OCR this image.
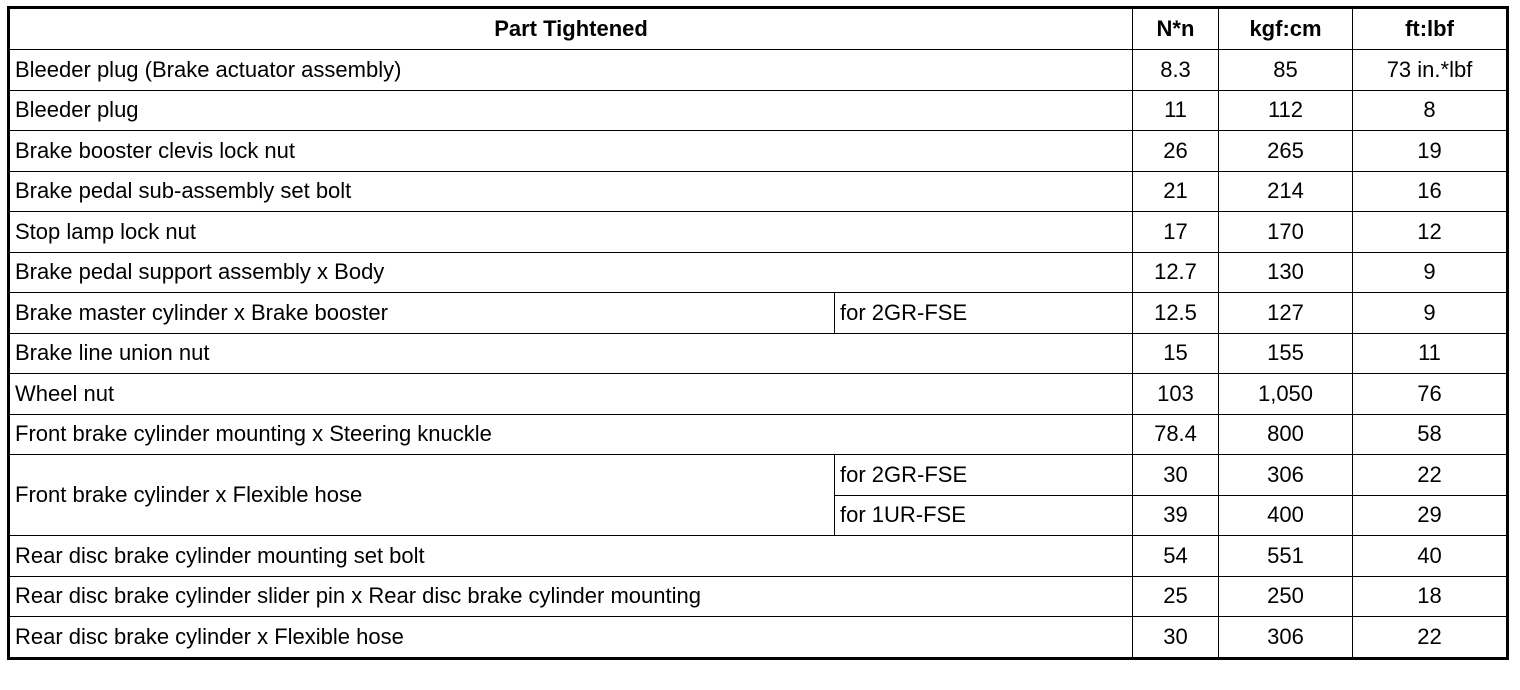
Part Tightened		N*n	kgf:cm	ft:lbf
Bleeder plug (Brake actuator assembly)		8.3	85	73 in.*lbf
Bleeder plug		11	112	8
Brake booster clevis lock nut		26	265	19
Brake pedal sub-assembly set bolt		21	214	16
Stop lamp lock nut		17	170	12
Brake pedal support assembly x Body		12.7	130	9
Brake master cylinder x Brake booster	for 2GR-FSE	12.5	127	9
Brake line union nut		15	155	11
Wheel nut		103	1,050	76
Front brake cylinder mounting x Steering knuckle		78.4	800	58
Front brake cylinder x Flexible hose	for 2GR-FSE	30	306	22
	for 1UR-FSE	39	400	29
Rear disc brake cylinder mounting set bolt		54	551	40
Rear disc brake cylinder slider pin x Rear disc brake cylinder mounting		25	250	18
Rear disc brake cylinder x Flexible hose		30	306	22
